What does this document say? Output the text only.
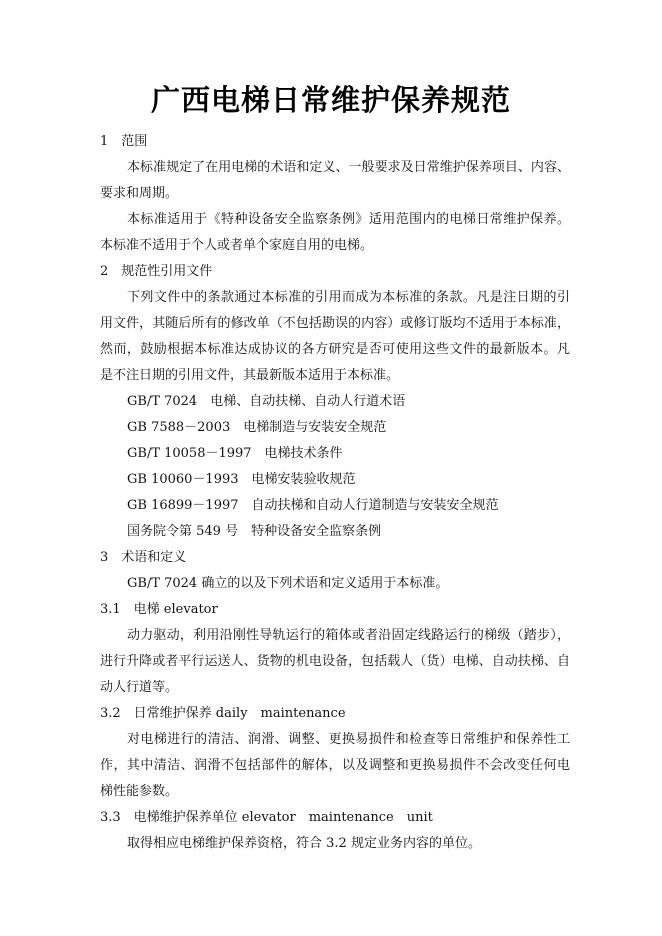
广西电梯日常维护保养规范
1　范围
本标准规定了在用电梯的术语和定义、一般要求及日常维护保养项目、内容、
要求和周期。
本标准适用于《特种设备安全监察条例》适用范围内的电梯日常维护保养。
本标准不适用于个人或者单个家庭自用的电梯。
2　规范性引用文件
下列文件中的条款通过本标准的引用而成为本标准的条款。凡是注日期的引
用文件，其随后所有的修改单（不包括勘误的内容）或修订版均不适用于本标准，
然而，鼓励根据本标准达成协议的各方研究是否可使用这些文件的最新版本。凡
是不注日期的引用文件，其最新版本适用于本标准。
GB/T 7024　电梯、自动扶梯、自动人行道术语
GB 7588－2003　电梯制造与安装安全规范
GB/T 10058－1997　电梯技术条件
GB 10060－1993　电梯安装验收规范
GB 16899－1997　自动扶梯和自动人行道制造与安装安全规范
国务院令第 549 号　特种设备安全监察条例
3　术语和定义
GB/T 7024 确立的以及下列术语和定义适用于本标准。
3.1　电梯 elevator
动力驱动，利用沿刚性导轨运行的箱体或者沿固定线路运行的梯级（踏步），
进行升降或者平行运送人、货物的机电设备，包括载人（货）电梯、自动扶梯、自
动人行道等。
3.2　日常维护保养 daily　maintenance
对电梯进行的清洁、润滑、调整、更换易损件和检查等日常维护和保养性工
作，其中清洁、润滑不包括部件的解体，以及调整和更换易损件不会改变任何电
梯性能参数。
3.3　电梯维护保养单位 elevator　maintenance　unit
取得相应电梯维护保养资格，符合 3.2 规定业务内容的单位。
